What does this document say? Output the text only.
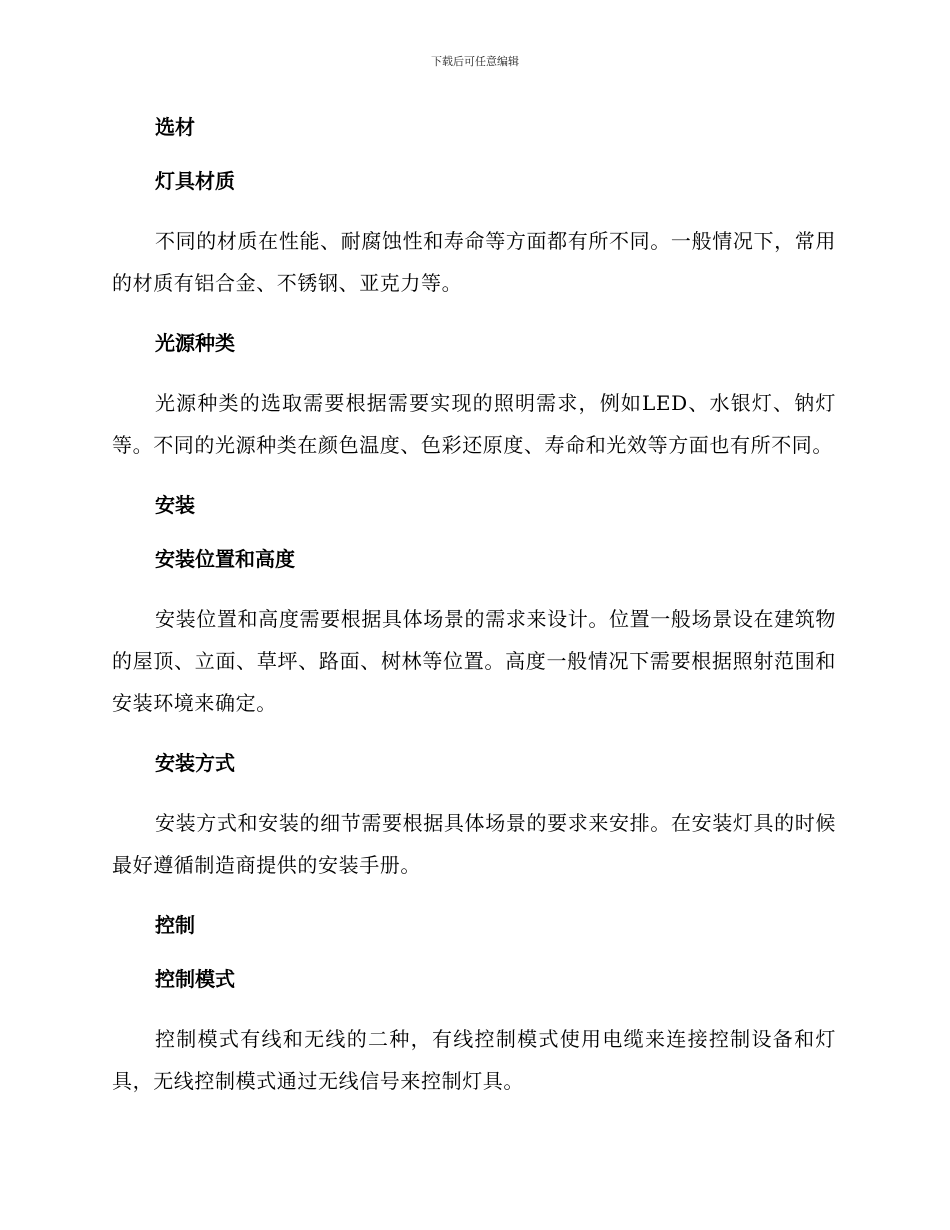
下载后可任意编辑
选材
灯具材质

不同的材质在性能、耐腐蚀性和寿命等方面都有所不同。一般情况下，常用的材质有铝合金、不锈钢、亚克力等。

光源种类

光源种类的选取需要根据需要实现的照明需求，例如LED、水银灯、钠灯等。不同的光源种类在颜色温度、色彩还原度、寿命和光效等方面也有所不同。

安装
安装位置和高度

安装位置和高度需要根据具体场景的需求来设计。位置一般场景设在建筑物的屋顶、立面、草坪、路面、树林等位置。高度一般情况下需要根据照射范围和安装环境来确定。

安装方式

安装方式和安装的细节需要根据具体场景的要求来安排。在安装灯具的时候最好遵循制造商提供的安装手册。

控制
控制模式

控制模式有线和无线的二种，有线控制模式使用电缆来连接控制设备和灯具，无线控制模式通过无线信号来控制灯具。
